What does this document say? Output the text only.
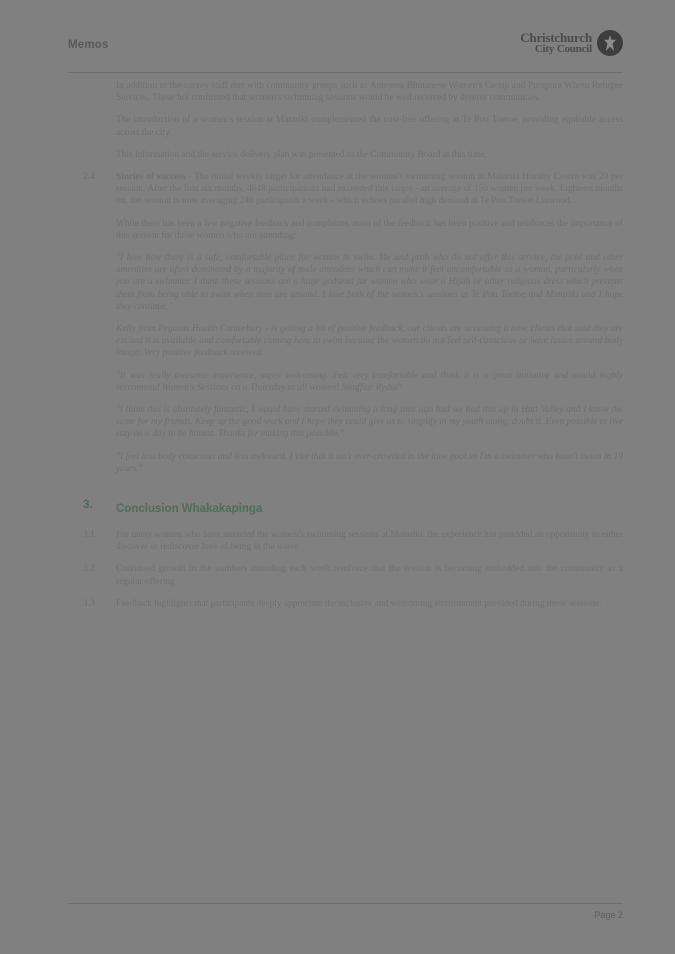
Memos	Christchurch
City Council

In addition to the survey staff met with community groups such as Aotearoa Bhutanese Women's Group and Purapura Whetu Refugee Services. These hui confirmed that women's swimming sessions would be well received by diverse communities.

The introduction of a women's session at Matariki complemented the cost-free offering at Te Pou Toetoe, providing equitable access across the city.

This information and the service delivery plan was presented to the Community Board at this time.

2.4 Stories of success - The initial weekly target for attendance at the women's swimming session at Matariki Hornby Centre was 20 per session. After the first six months, 4648 participations had exceeded this target - an average of 150 women per week. Eighteen months on, the session is now averaging 246 participants a week - which echoes parallel high demand at Te Pou Toetoe Linwood.

While there has been a few negative feedback and complaints, most of the feedback has been positive and reinforces the importance of this session for those women who are attending:

"I love how there is a safe, comfortable place for women to swim. Me and prob who do not offer this service, the pool and other amenities are often dominated by a majority of male attendees which can make it feel uncomfortable as a woman, particularly when you are a swimmer. I think these sessions are a huge godsend for women who wear a Hijab or other religious dress which prevents them from being able to swim when men are around. I love both of the women's sessions at Te Pou Toetoe and Matariki and I hope they continue."

Kelly from Pegasus Health Canterbury - is getting a lot of positive feedback, our clients are accessing it now, clients that said they are excited it is available and comfortable coming here to swim because the women do not feel self-conscious or have issues around body image. Very positive feedback received.

"It was really awesome experience, super welcoming. Felt very comfortable and think it is a great initiative and would highly recommend Women's Sessions on a Thursday to all women! Swaffiar Rydia"

"I think this is absolutely fantastic, I would have started swimming a long time ago had we had this up in Hutt Valley and I know the same for my friends. Keep up the good work and I hope they could give us to simplify in my youth along, doubt it. Even possible to live stay on a day to be honest. Thanks for making this possible."

"I feel less body conscious and less awkward. I like that it isn't over-crowded in the lane pool so I'm a swimmer who hasn't swum in 19 years."

3. Conclusion Whakakapinga

3.1 For many women who have attended the women's swimming sessions at Matariki, the experience has provided an opportunity to either discover or rediscover love of being in the water.

3.2 Continued growth in the numbers attending each week reinforce that the session is becoming embedded into the community as a regular offering.

3.3 Feedback highlights that participants deeply appreciate the inclusive and welcoming environment provided during these sessions.

Page 2
